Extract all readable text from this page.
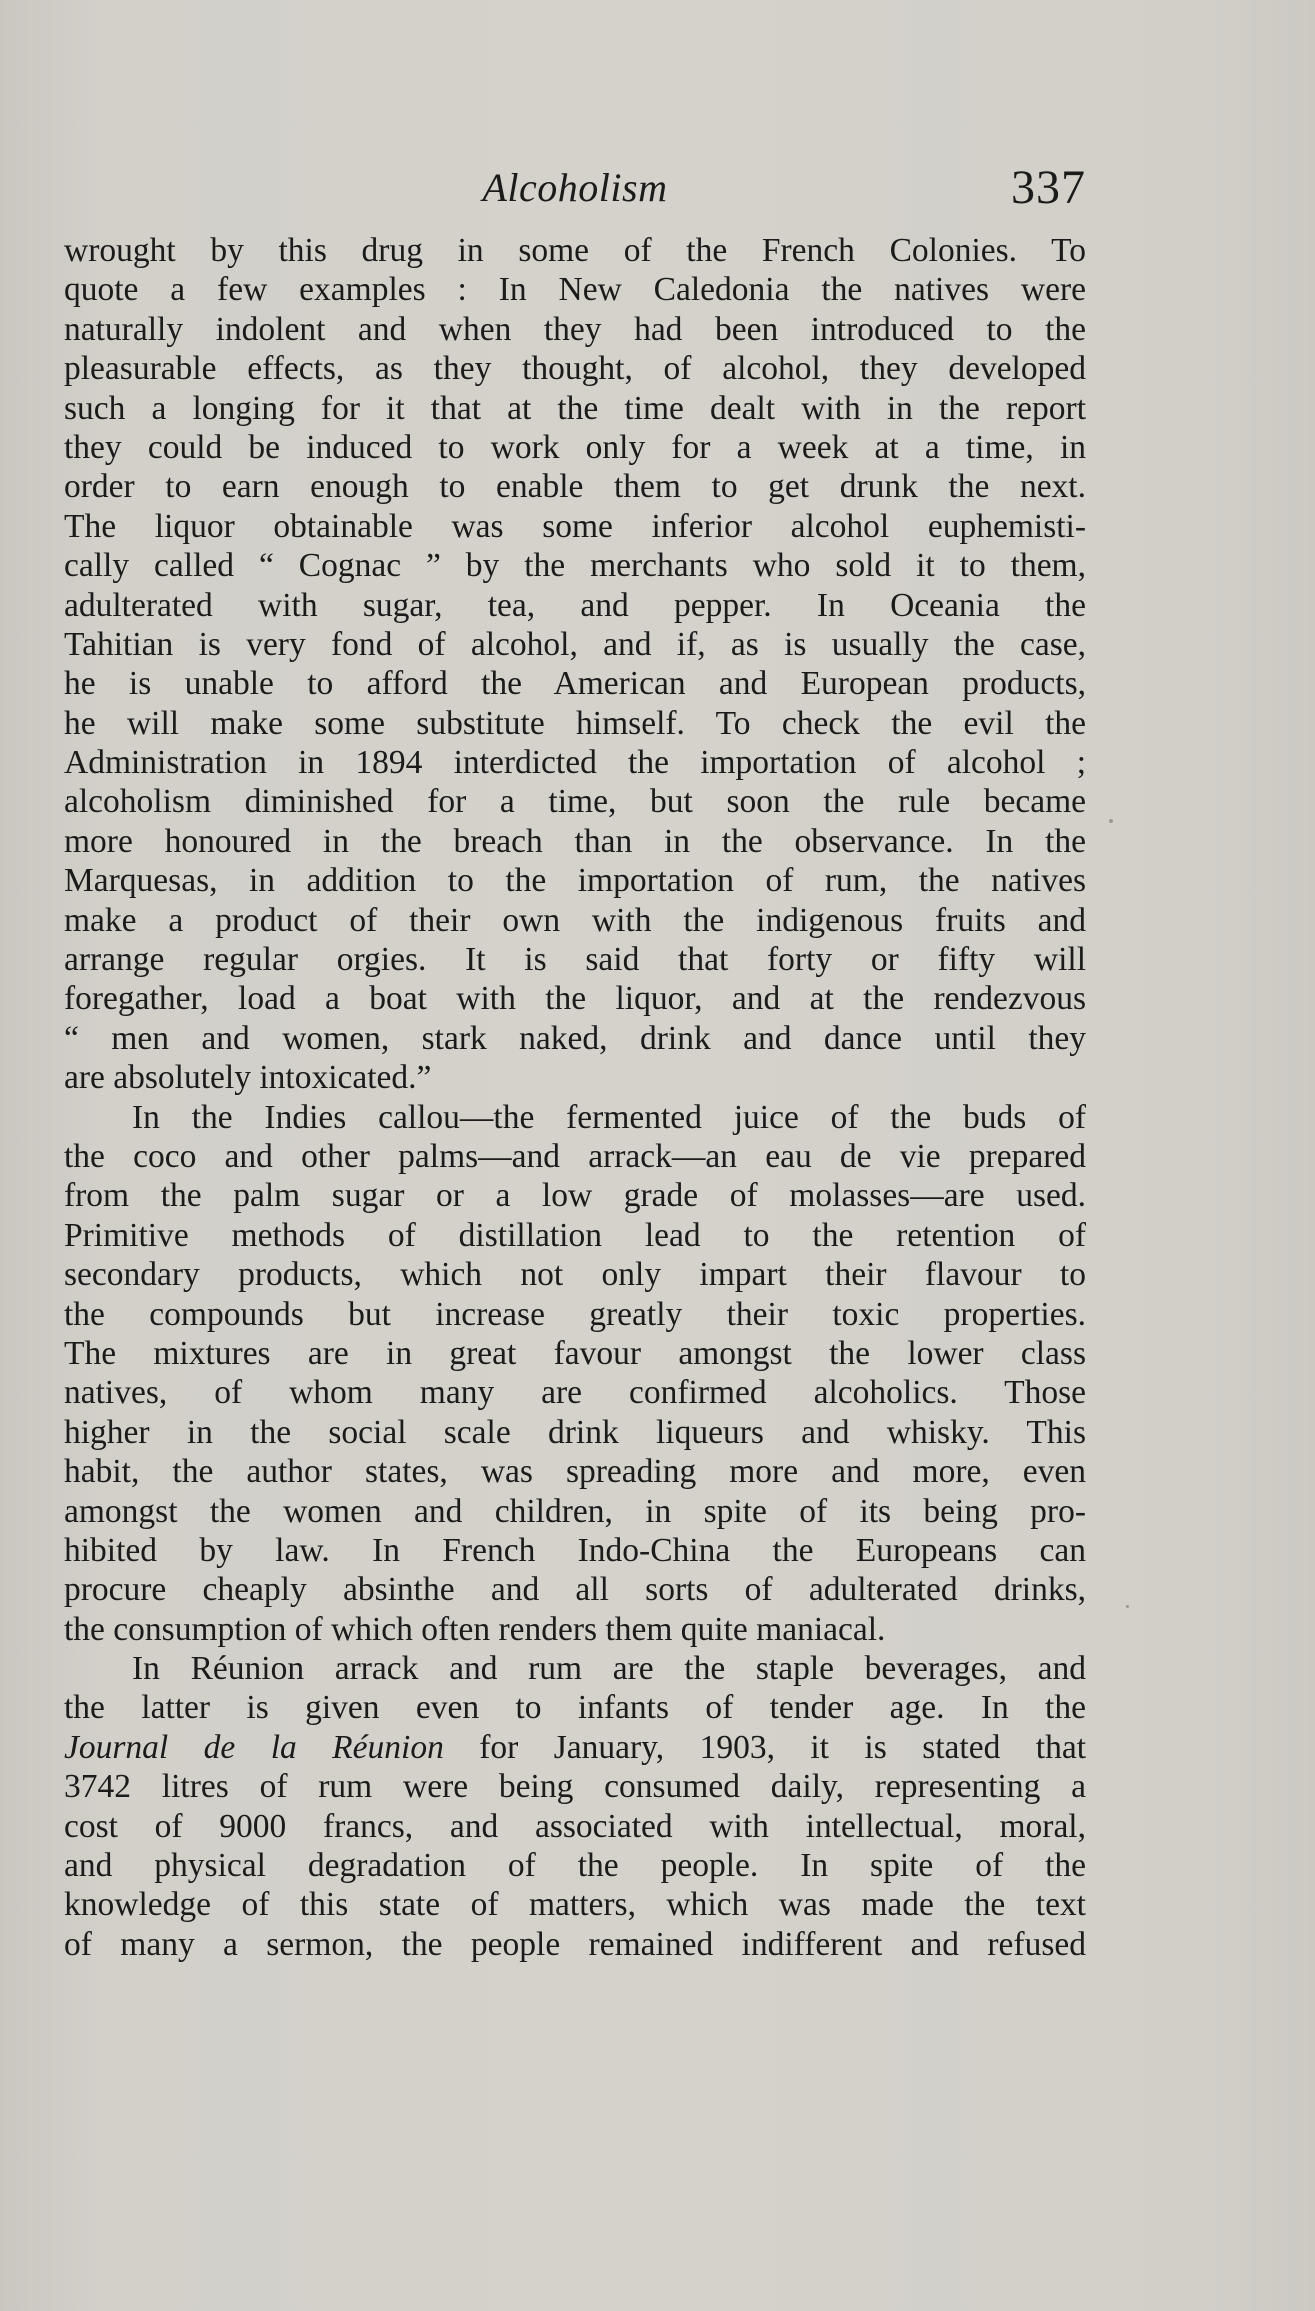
Alcoholism	337
wrought by this drug in some of the French Colonies. To
quote a few examples : In New Caledonia the natives were
naturally indolent and when they had been introduced to the
pleasurable effects, as they thought, of alcohol, they developed
such a longing for it that at the time dealt with in the report
they could be induced to work only for a week at a time, in
order to earn enough to enable them to get drunk the next.
The liquor obtainable was some inferior alcohol euphemisti-
cally called “ Cognac ” by the merchants who sold it to them,
adulterated with sugar, tea, and pepper. In Oceania the
Tahitian is very fond of alcohol, and if, as is usually the case,
he is unable to afford the American and European products,
he will make some substitute himself. To check the evil the
Administration in 1894 interdicted the importation of alcohol ;
alcoholism diminished for a time, but soon the rule became
more honoured in the breach than in the observance. In the
Marquesas, in addition to the importation of rum, the natives
make a product of their own with the indigenous fruits and
arrange regular orgies. It is said that forty or fifty will
foregather, load a boat with the liquor, and at the rendezvous
“ men and women, stark naked, drink and dance until they
are absolutely intoxicated.”
In the Indies callou—the fermented juice of the buds of
the coco and other palms—and arrack—an eau de vie prepared
from the palm sugar or a low grade of molasses—are used.
Primitive methods of distillation lead to the retention of
secondary products, which not only impart their flavour to
the compounds but increase greatly their toxic properties.
The mixtures are in great favour amongst the lower class
natives, of whom many are confirmed alcoholics. Those
higher in the social scale drink liqueurs and whisky. This
habit, the author states, was spreading more and more, even
amongst the women and children, in spite of its being pro-
hibited by law. In French Indo-China the Europeans can
procure cheaply absinthe and all sorts of adulterated drinks,
the consumption of which often renders them quite maniacal.
In Réunion arrack and rum are the staple beverages, and
the latter is given even to infants of tender age. In the
Journal de la Réunion for January, 1903, it is stated that
3742 litres of rum were being consumed daily, representing a
cost of 9000 francs, and associated with intellectual, moral,
and physical degradation of the people. In spite of the
knowledge of this state of matters, which was made the text
of many a sermon, the people remained indifferent and refused
